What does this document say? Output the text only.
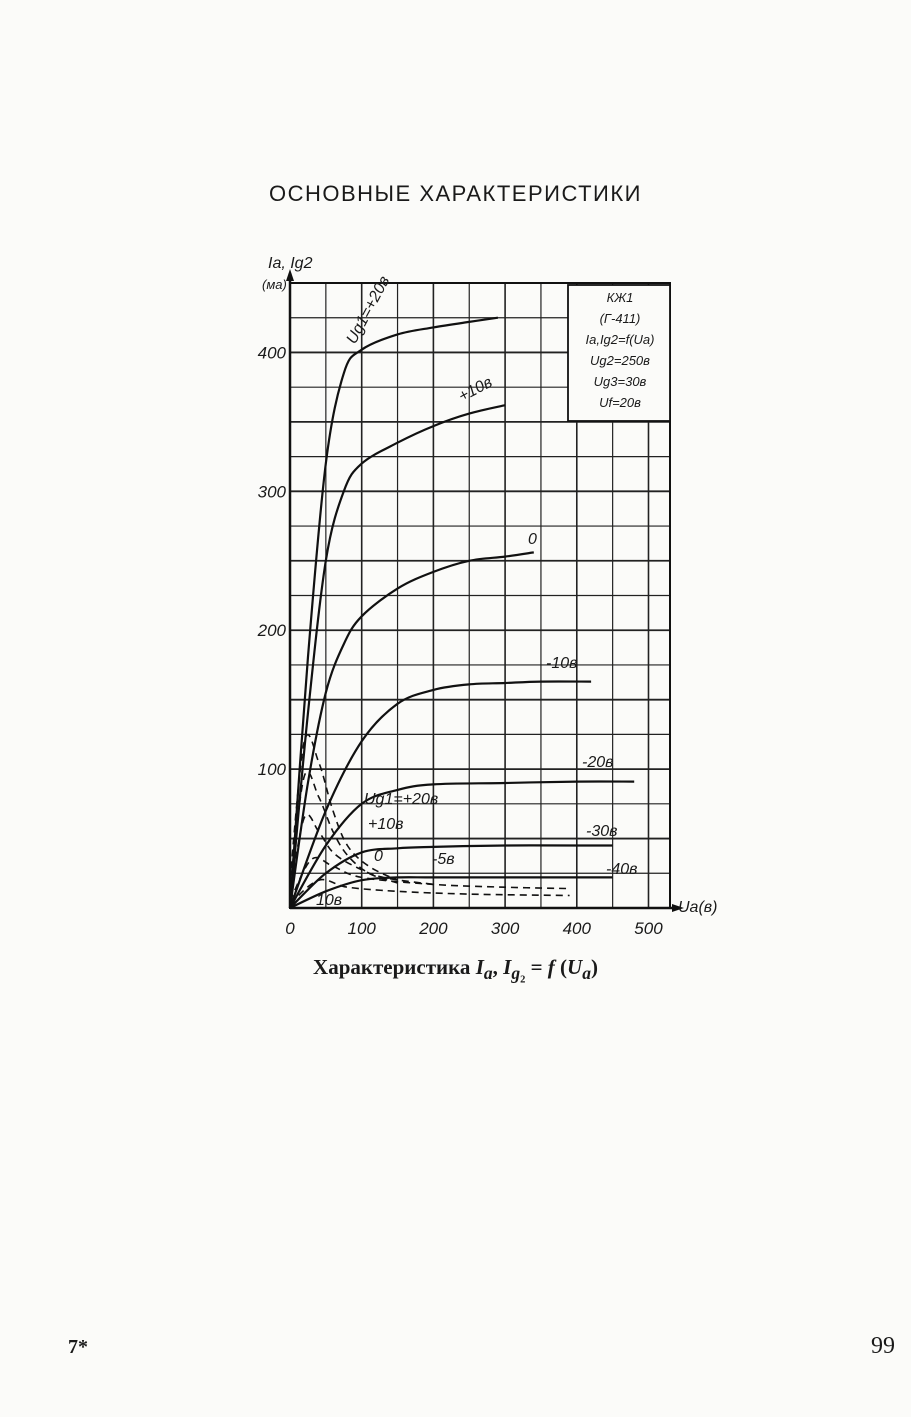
ОСНОВНЫЕ ХАРАКТЕРИСТИКИ
0	100	200	300	400	500
100
200
300
400
Ia, Ig2
(ма)
Ua(в)
Ug1=+20в
+10в
0
-10в
-20в
-30в
-40в
Ug1=+20в
+10в
0	-5в
10в
КЖ1
(Г-411)
Ia,Ig2=f(Ua)
Ug2=250в
Ug3=30в
Uf=20в
Характеристика $I_a$, $I_{g_2} = f$ $(U_a)$
7*	99
